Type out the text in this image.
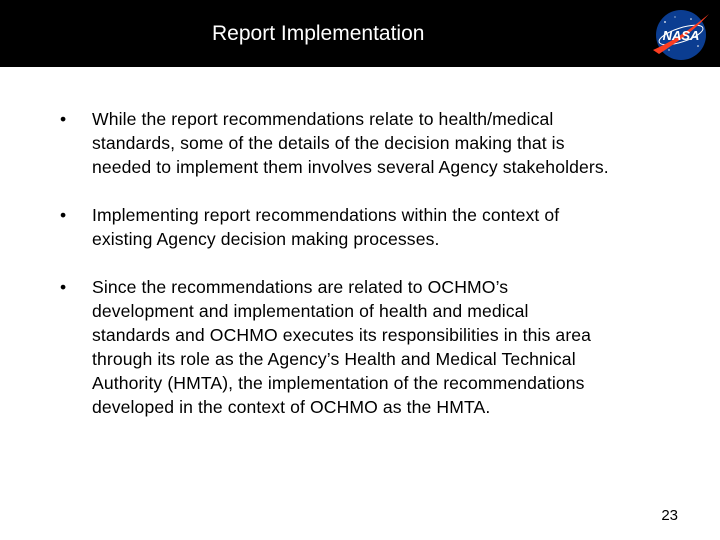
Report Implementation	NASA
•	While the report recommendations relate to health/medical
standards, some of the details of the decision making that is
needed to implement them involves several Agency stakeholders.
•	Implementing report recommendations within the context of
existing Agency decision making processes.
•	Since the recommendations are related to OCHMO’s
development and implementation of health and medical
standards and OCHMO executes its responsibilities in this area
through its role as the Agency’s Health and Medical Technical
Authority (HMTA), the implementation of the recommendations
developed in the context of OCHMO as the HMTA.
23
